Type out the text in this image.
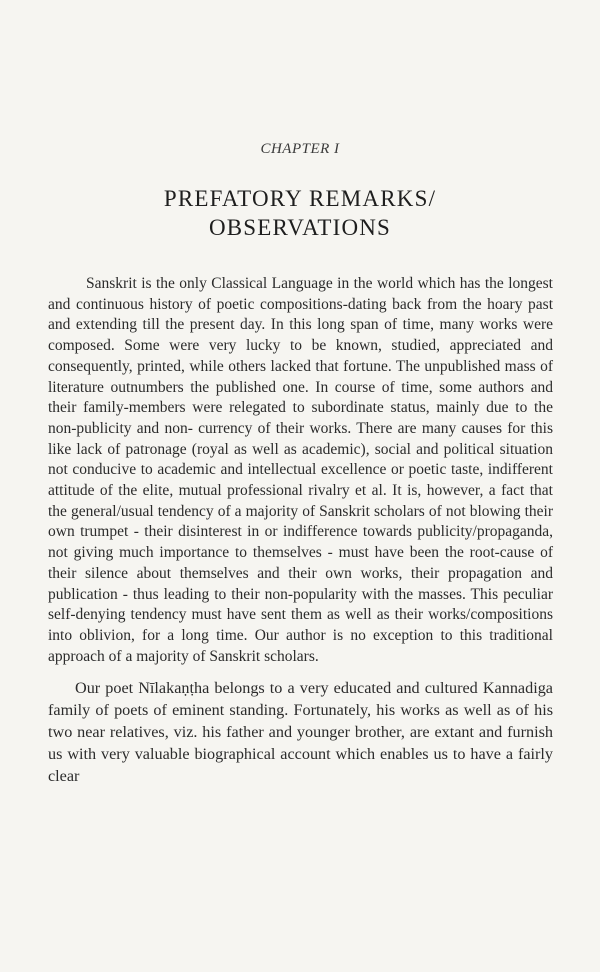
CHAPTER I
PREFATORY REMARKS/
OBSERVATIONS

Sanskrit is the only Classical Language in the world which has the longest and continuous history of poetic compositions-dating back from the hoary past and extending till the present day. In this long span of time, many works were composed. Some were very lucky to be known, studied, appreciated and consequently, printed, while others lacked that fortune. The unpublished mass of literature outnumbers the published one. In course of time, some authors and their family-members were relegated to subordinate status, mainly due to the non-publicity and non- currency of their works. There are many causes for this like lack of patronage (royal as well as academic), social and political situation not conducive to academic and intellectual excellence or poetic taste, indifferent attitude of the elite, mutual professional rivalry et al. It is, however, a fact that the general/usual tendency of a majority of Sanskrit scholars of not blowing their own trumpet - their disinterest in or indifference towards publicity/propaganda, not giving much importance to themselves - must have been the root-cause of their silence about themselves and their own works, their propagation and publication - thus leading to their non-popularity with the masses. This peculiar self-denying tendency must have sent them as well as their works/compositions into oblivion, for a long time. Our author is no exception to this traditional approach of a majority of Sanskrit scholars.

Our poet Nīlakaṇṭha belongs to a very educated and cultured Kannadiga family of poets of eminent standing. Fortunately, his works as well as of his two near relatives, viz. his father and younger brother, are extant and furnish us with very valuable biographical account which enables us to have a fairly clear
